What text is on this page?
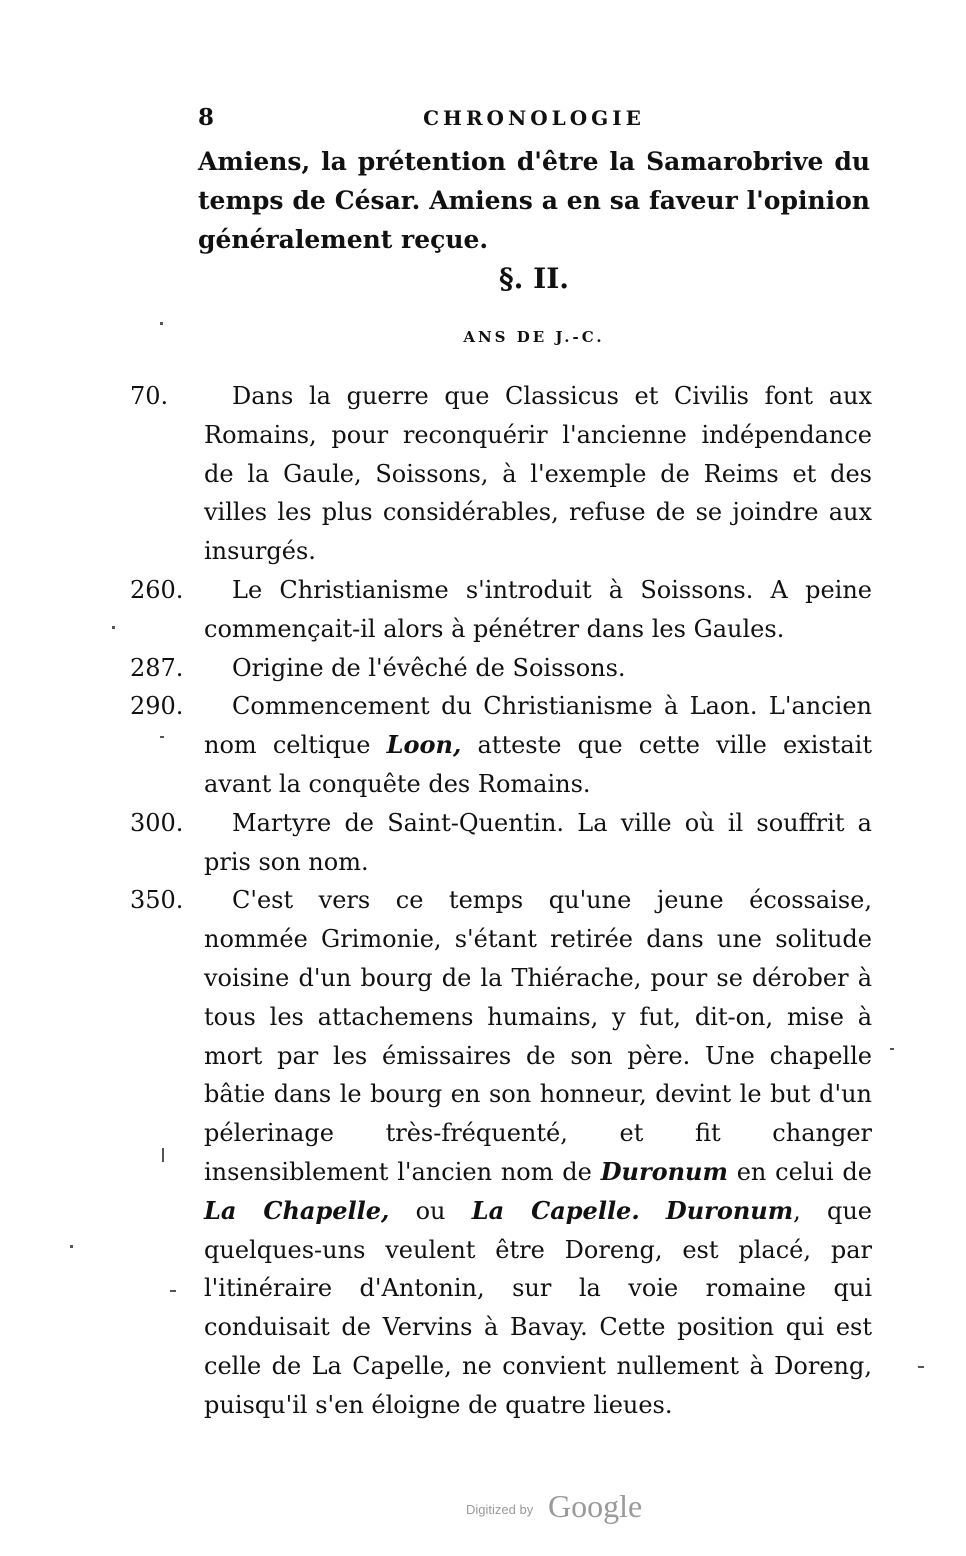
8	CHRONOLOGIE
Amiens, la prétention d'être la Samarobrive du temps de César. Amiens a en sa faveur l'opinion généralement reçue.
§. II.
ANS DE J.-C.
70.	Dans la guerre que Classicus et Civilis font aux Romains, pour reconquérir l'ancienne indépendance de la Gaule, Soissons, à l'exemple de Reims et des villes les plus considérables, refuse de se joindre aux insurgés.
260.	Le Christianisme s'introduit à Soissons. A peine commençait-il alors à pénétrer dans les Gaules.
287.	Origine de l'évêché de Soissons.
290.	Commencement du Christianisme à Laon. L'ancien nom celtique Loon, atteste que cette ville existait avant la conquête des Romains.
300.	Martyre de Saint-Quentin. La ville où il souffrit a pris son nom.
350.	C'est vers ce temps qu'une jeune écossaise, nommée Grimonie, s'étant retirée dans une solitude voisine d'un bourg de la Thiérache, pour se dérober à tous les attachemens humains, y fut, dit-on, mise à mort par les émissaires de son père. Une chapelle bâtie dans le bourg en son honneur, devint le but d'un pélerinage très-fréquenté, et fit changer insensiblement l'ancien nom de Duronum en celui de La Chapelle, ou La Capelle. Duronum, que quelques-uns veulent être Doreng, est placé, par l'itinéraire d'Antonin, sur la voie romaine qui conduisait de Vervins à Bavay. Cette position qui est celle de La Capelle, ne convient nullement à Doreng, puisqu'il s'en éloigne de quatre lieues.
Digitized by Google
